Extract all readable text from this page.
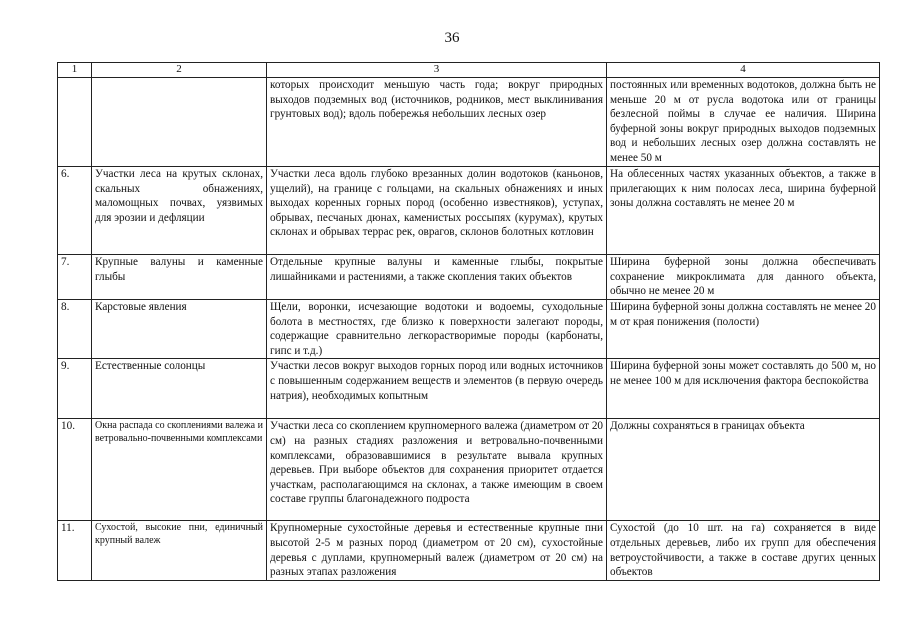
36
1	2	3	4
		которых происходит меньшую часть года; вокруг природных выходов подземных вод (источников, родников, мест выклинивания грунтовых вод); вдоль побережья небольших лесных озер	постоянных или временных водотоков, должна быть не меньше 20 м от русла водотока или от границы безлесной поймы в случае ее наличия. Ширина буферной зоны вокруг природных выходов подземных вод и небольших лесных озер должна составлять не менее 50 м
6.	Участки леса на крутых склонах, скальных обнажениях, маломощных почвах, уязвимых для эрозии и дефляции	Участки леса вдоль глубоко врезанных долин водотоков (каньонов, ущелий), на границе с гольцами, на скальных обнажениях и иных выходах коренных горных пород (особенно известняков), уступах, обрывах, песчаных дюнах, каменистых россыпях (курумах), крутых склонах и обрывах террас рек, оврагов, склонов болотных котловин	На облесенных частях указанных объектов, а также в прилегающих к ним полосах леса, ширина буферной зоны должна составлять не менее 20 м
7.	Крупные валуны и каменные глыбы	Отдельные крупные валуны и каменные глыбы, покрытые лишайниками и растениями, а также скопления таких объектов	Ширина буферной зоны должна обеспечивать сохранение микроклимата для данного объекта, обычно не менее 20 м
8.	Карстовые явления	Щели, воронки, исчезающие водотоки и водоемы, суходольные болота в местностях, где близко к поверхности залегают породы, содержащие сравнительно легкорастворимые породы (карбонаты, гипс и т.д.)	Ширина буферной зоны должна составлять не менее 20 м от края понижения (полости)
9.	Естественные солонцы	Участки лесов вокруг выходов горных пород или водных источников с повышенным содержанием веществ и элементов (в первую очередь натрия), необходимых копытным	Ширина буферной зоны может составлять до 500 м, но не менее 100 м для исключения фактора беспокойства
10.	Окна распада со скоплениями валежа и ветровально-почвенными комплексами	Участки леса со скоплением крупномерного валежа (диаметром от 20 см) на разных стадиях разложения и ветровально-почвенными комплексами, образовавшимися в результате вывала крупных деревьев. При выборе объектов для сохранения приоритет отдается участкам, располагающимся на склонах, а также имеющим в своем составе группы благонадежного подроста	Должны сохраняться в границах объекта
11.	Сухостой, высокие пни, единичный крупный валеж	Крупномерные сухостойные деревья и естественные крупные пни высотой 2-5 м разных пород (диаметром от 20 см), сухостойные деревья с дуплами, крупномерный валеж (диаметром от 20 см) на разных этапах разложения	Сухостой (до 10 шт. на га) сохраняется в виде отдельных деревьев, либо их групп для обеспечения ветроустойчивости, а также в составе других ценных объектов
